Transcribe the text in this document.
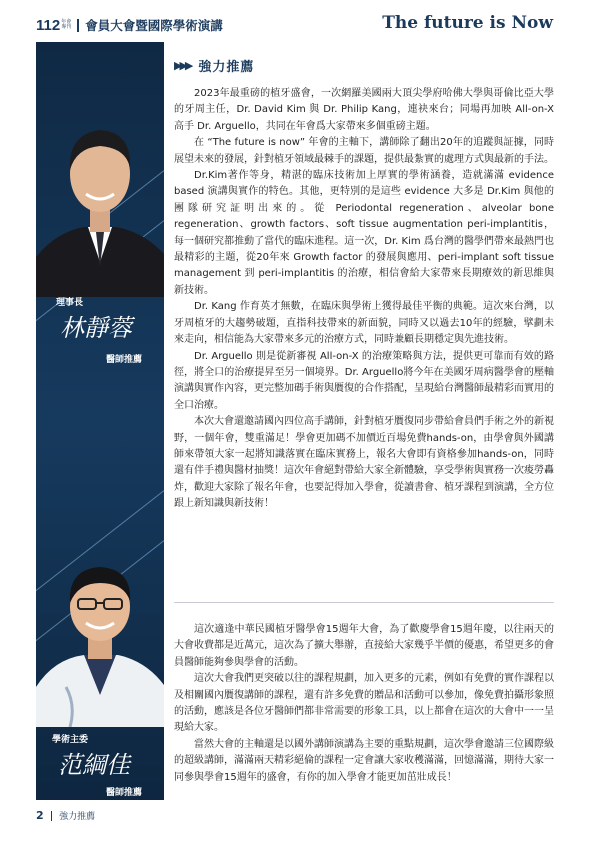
112 年會
專刊 會員大會暨國際學術演講	The future is Now
理事長
林靜蓉
醫師推薦
學術主委
范綱佳
醫師推薦
▶▶▶ 強力推薦

2023年最重磅的植牙盛會，一次網羅美國兩大頂尖學府哈佛大學與哥倫比亞大學的牙周主任，Dr. David Kim 與 Dr. Philip Kang，連袂來台；同場再加映 All-on-X 高手 Dr. Arguello，共同在年會爲大家帶來多個重磅主題。

在 “The future is now” 年會的主軸下，講師除了翻出20年的追蹤與証據，同時展望未來的發展，針對植牙領域最棘手的課題，提供最紮實的處理方式與最新的手法。

Dr.Kim著作等身，精湛的臨床技術加上厚實的學術涵養，造就滿滿 evidence based 演講與實作的特色。其他，更特別的是這些 evidence 大多是 Dr.Kim 與他的團隊研究証明出來的。從 Periodontal regeneration、alveolar bone regeneration、growth factors、soft tissue augmentation peri-implantitis，每一個研究都推動了當代的臨床進程。這一次，Dr. Kim 爲台灣的醫學們帶來最熱門也最精彩的主題，從20年來 Growth factor 的發展與應用、peri-implant soft tissue management 到 peri-implantitis 的治療，相信會給大家帶來長期療效的新思維與新技術。

Dr. Kang 作育英才無數，在臨床與學術上獲得最佳平衡的典範。這次來台灣，以牙周植牙的大趨勢破題，直指科技帶來的新面貌，同時又以過去10年的經驗，擘劃未來走向，相信能為大家帶來多元的治療方式，同時兼顧長期穩定與先進技術。

Dr. Arguello 則是從新審視 All-on-X 的治療策略與方法，提供更可靠而有效的路徑，將全口的治療提昇至另一個境界。Dr. Arguello將今年在美國牙周病醫學會的壓軸演講與實作內容，更完整加碼手術與贋復的合作搭配，呈現給台灣醫師最精彩而實用的全口治療。

本次大會還邀請國內四位高手講師，針對植牙贋復同步帶給會員們手術之外的新視野，一個年會，雙重滿足！學會更加碼不加價近百場免費hands-on，由學會與外國講師來帶領大家一起將知識落實在臨床實務上，報名大會即有資格參加hands-on，同時還有伴手禮與醫材抽獎！這次年會絕對帶給大家全新體驗，享受學術與實務一次痠勞轟炸，歡迎大家除了報名年會，也要記得加入學會，從讀書會、植牙課程到演講，全方位跟上新知識與新技術！

這次適逢中華民國植牙醫學會15週年大會，為了歡慶學會15週年慶，以往兩天的大會收費都是近萬元，這次為了擴大舉辦，直接給大家幾乎半價的優惠，希望更多的會員醫師能夠參與學會的活動。

這次大會我們更突破以往的課程規劃，加入更多的元素，例如有免費的實作課程以及相關國內贋復講師的課程，還有許多免費的贈品和活動可以參加，像免費拍攝形象照的活動，應該是各位牙醫師們都非常需要的形象工具，以上都會在這次的大會中一一呈現給大家。

當然大會的主軸還是以國外講師演講為主要的重點規劃，這次學會邀請三位國際級的超級講師，滿滿兩天精彩絕倫的課程一定會讓大家收穫滿滿，回憶滿滿，期待大家一同參與學會15週年的盛會，有你的加入學會才能更加茁壯成長！

2 強力推薦
